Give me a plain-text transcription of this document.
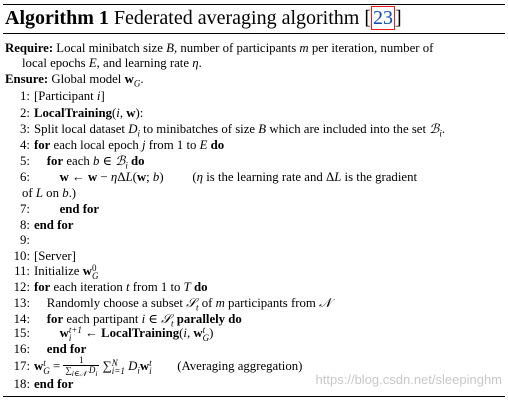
Algorithm 1 Federated averaging algorithm [ 23 ]
Require: Local minibatch size B, number of participants m per iteration, number of
local epochs E, and learning rate η.
Ensure: Global model $w_G$.
1: [Participant i]
2: LocalTraining(i, w):
3: Split local dataset $D_i$ to minibatches of size B which are included into the set ℬ$_i$.
4: for each local epoch j from 1 to E do
5: for each b ∈ ℬ$_i$ do
6: w ← w − ηΔL(w; b)         (η is the learning rate and ΔL is the gradient
of L on b.)
7: end for
8: end for
9:
10: [Server]
11: Initialize w 0
G
12: for each iteration t from 1 to T do
13:    Randomly choose a subset 𝒮$_t$ of m participants from 𝒩
14: for each partipant i ∈ 𝒮$_t$ parallely do
15: w t+1
i ← LocalTraining(i, w t
G )
16: end for
17: w t
$G = \frac{1}{\sum_{i\in 𝒩} D_i}$ ∑ N
i=1 $D_iw$ t
i (Averaging aggregation)
18: end for	https://blog.csdn.net/sleepinghm
